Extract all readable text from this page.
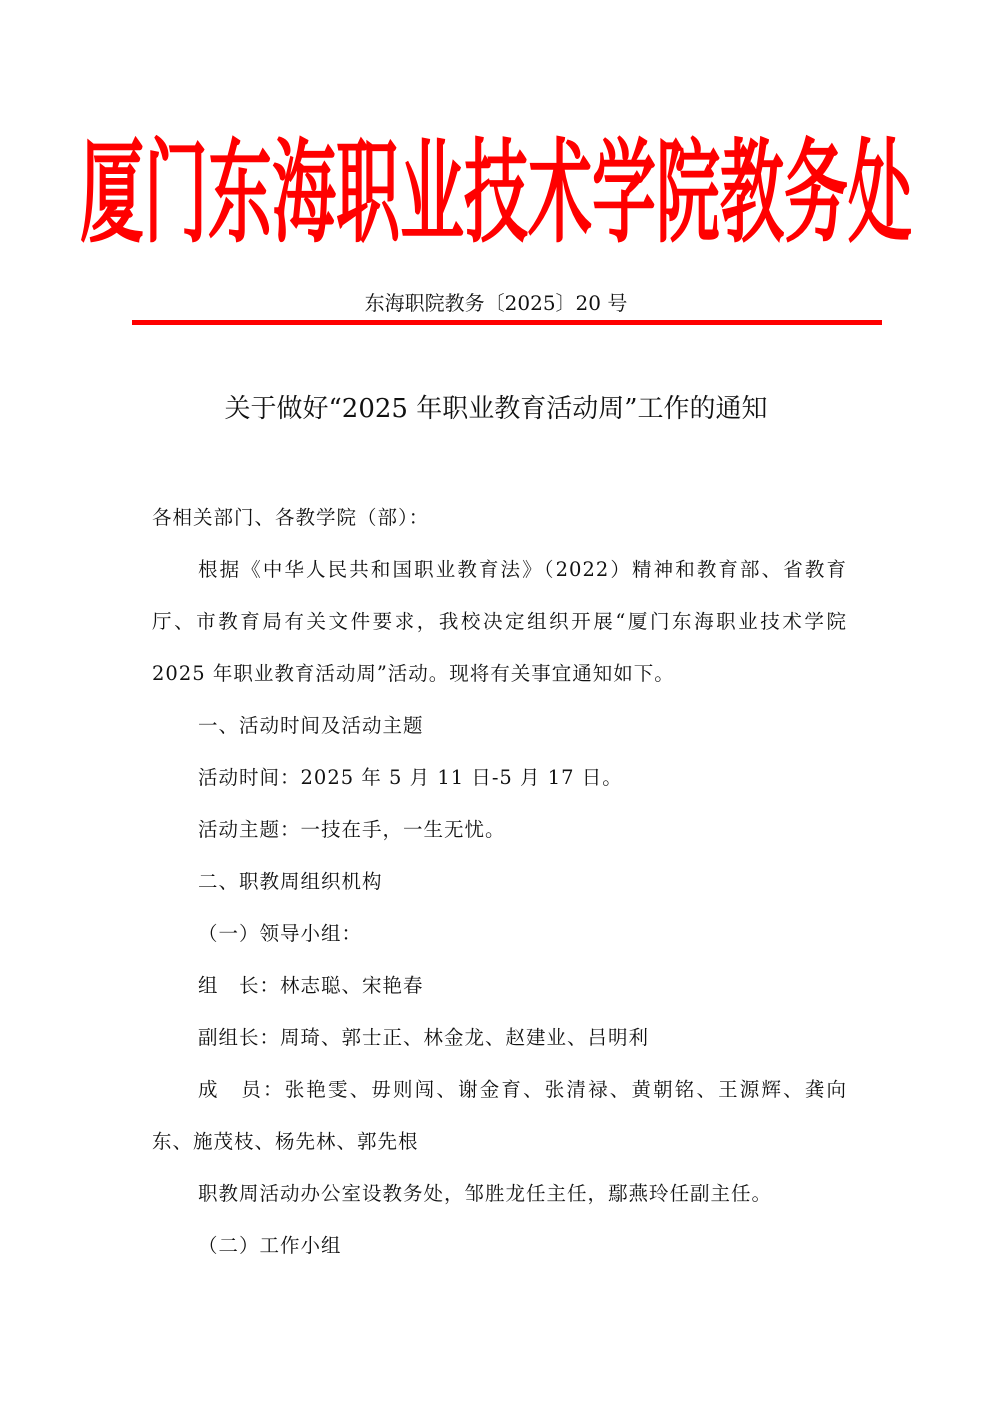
厦门东海职业技术学院教务处
东海职院教务〔2025〕20 号
关于做好“2025 年职业教育活动周”工作的通知

各相关部门、各教学院（部）：

根据《中华人民共和国职业教育法》（2022）精神和教育部、省教育厅、市教育局有关文件要求，我校决定组织开展“厦门东海职业技术学院 2025 年职业教育活动周”活动。现将有关事宜通知如下。

一、活动时间及活动主题

活动时间：2025 年 5 月 11 日-5 月 17 日。

活动主题：一技在手，一生无忧。

二、职教周组织机构

（一）领导小组：

组　长：林志聪、宋艳春

副组长：周琦、郭士正、林金龙、赵建业、吕明利

成　员：张艳雯、毋则闯、谢金育、张清禄、黄朝铭、王源辉、龚向东、施茂枝、杨先林、郭先根

职教周活动办公室设教务处，邹胜龙任主任，鄢燕玲任副主任。

（二）工作小组
